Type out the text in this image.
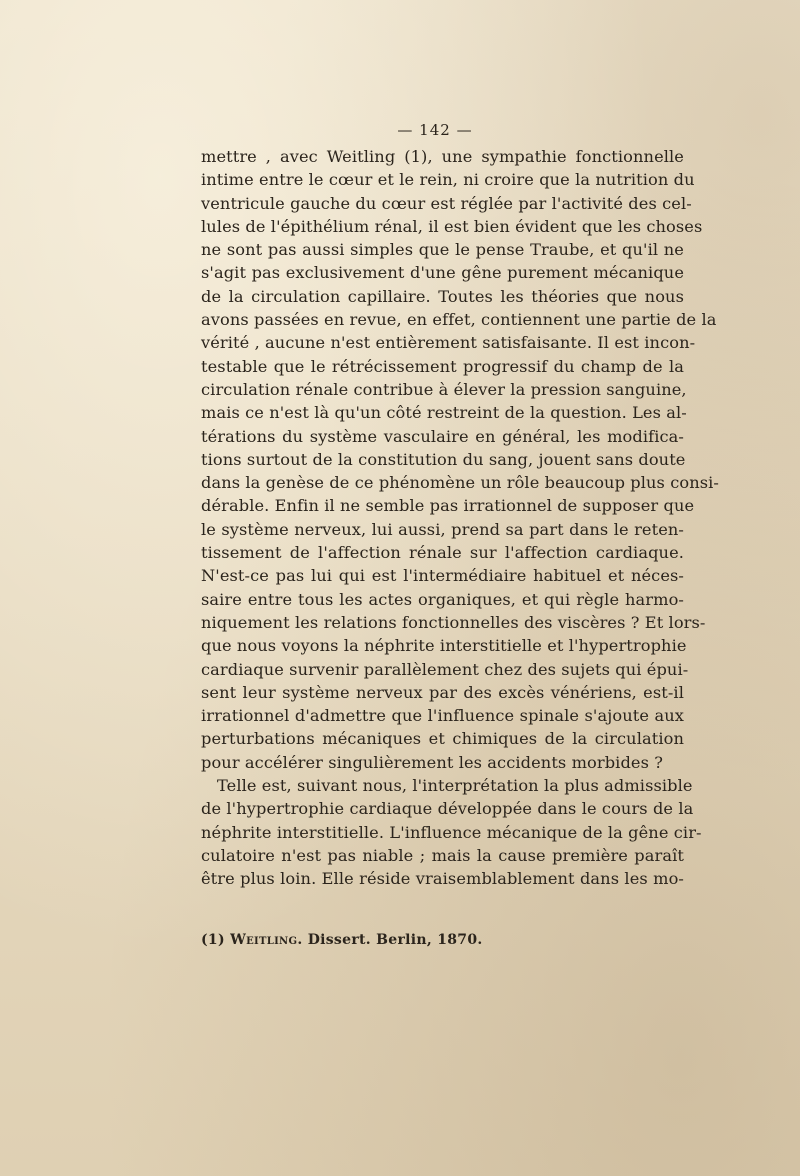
— 142 —
mettre , avec Weitling (1), une sympathie fonctionnelle
intime entre le cœur et le rein, ni croire que la nutrition du
ventricule gauche du cœur est réglée par l'activité des cel-
lules de l'épithélium rénal, il est bien évident que les choses
ne sont pas aussi simples que le pense Traube, et qu'il ne
s'agit pas exclusivement d'une gêne purement mécanique
de la circulation capillaire. Toutes les théories que nous
avons passées en revue, en effet, contiennent une partie de la
vérité , aucune n'est entièrement satisfaisante. Il est incon-
testable que le rétrécissement progressif du champ de la
circulation rénale contribue à élever la pression sanguine,
mais ce n'est là qu'un côté restreint de la question. Les al-
térations du système vasculaire en général, les modifica-
tions surtout de la constitution du sang, jouent sans doute
dans la genèse de ce phénomène un rôle beaucoup plus consi-
dérable. Enfin il ne semble pas irrationnel de supposer que
le système nerveux, lui aussi, prend sa part dans le reten-
tissement de l'affection rénale sur l'affection cardiaque.
N'est-ce pas lui qui est l'intermédiaire habituel et néces-
saire entre tous les actes organiques, et qui règle harmo-
niquement les relations fonctionnelles des viscères ? Et lors-
que nous voyons la néphrite interstitielle et l'hypertrophie
cardiaque survenir parallèlement chez des sujets qui épui-
sent leur système nerveux par des excès vénériens, est-il
irrationnel d'admettre que l'influence spinale s'ajoute aux
perturbations mécaniques et chimiques de la circulation
pour accélérer singulièrement les accidents morbides ?
Telle est, suivant nous, l'interprétation la plus admissible
de l'hypertrophie cardiaque développée dans le cours de la
néphrite interstitielle. L'influence mécanique de la gêne cir-
culatoire n'est pas niable ; mais la cause première paraît
être plus loin. Elle réside vraisemblablement dans les mo-
(1) Weitling. Dissert. Berlin, 1870.
